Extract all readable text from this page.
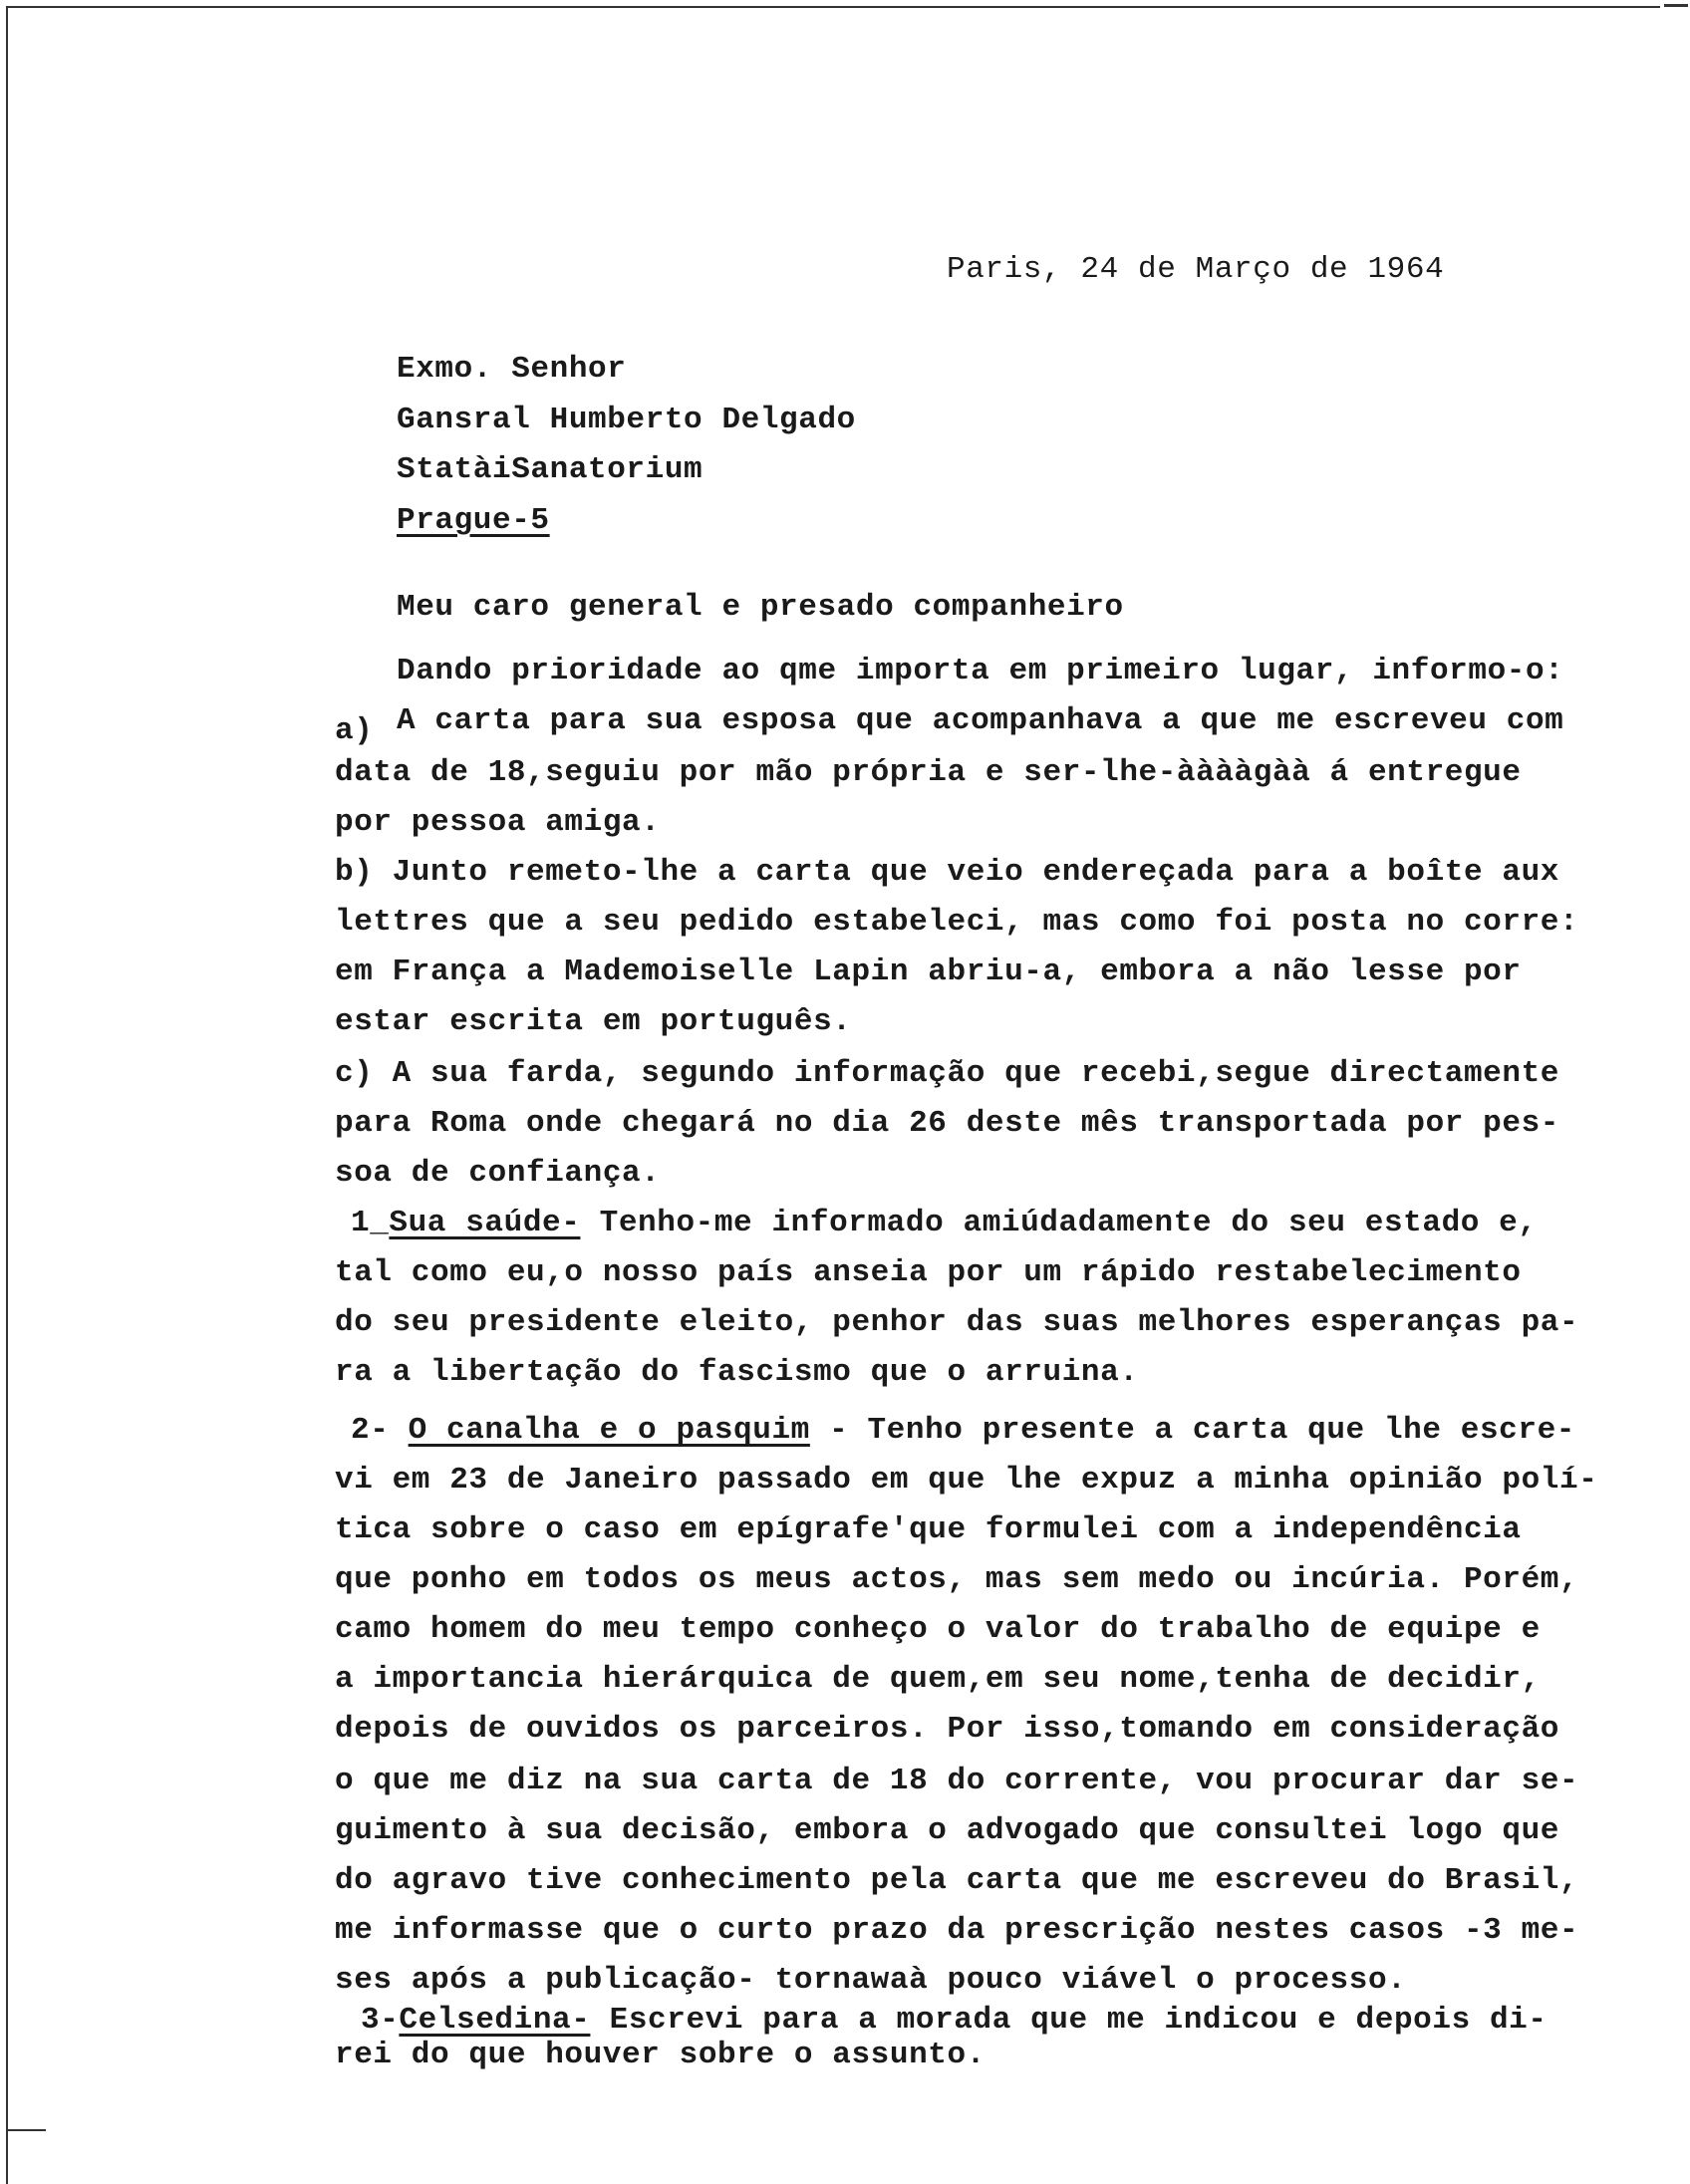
Paris, 24 de Março de 1964
Exmo. Senhor
Gansral Humberto Delgado
StatàiSanatorium
Prague-5
Meu caro general e presado companheiro
Dando prioridade ao qme importa em primeiro lugar, informo-o:
a) A carta para sua esposa que acompanhava a que me escreveu com
data de 18,seguiu por mão própria e ser-lhe-ààààgàà á entregue
por pessoa amiga.
b) Junto remeto-lhe a carta que veio endereçada para a boîte aux
lettres que a seu pedido estabeleci, mas como foi posta no corre:
em França a Mademoiselle Lapin abriu-a, embora a não lesse por
estar escrita em português.
c) A sua farda, segundo informação que recebi,segue directamente
para Roma onde chegará no dia 26 deste mês transportada por pes-
soa de confiança.
1_Sua saúde- Tenho-me informado amiúdadamente do seu estado e,
tal como eu,o nosso país anseia por um rápido restabelecimento
do seu presidente eleito, penhor das suas melhores esperanças pa-
ra a libertação do fascismo que o arruina.
2- O canalha e o pasquim - Tenho presente a carta que lhe escre-
vi em 23 de Janeiro passado em que lhe expuz a minha opinião polí-
tica sobre o caso em epígrafe'que formulei com a independência
que ponho em todos os meus actos, mas sem medo ou incúria. Porém,
camo homem do meu tempo conheço o valor do trabalho de equipe e
a importancia hierárquica de quem,em seu nome,tenha de decidir,
depois de ouvidos os parceiros. Por isso,tomando em consideração
o que me diz na sua carta de 18 do corrente, vou procurar dar se-
guimento à sua decisão, embora o advogado que consultei logo que
do agravo tive conhecimento pela carta que me escreveu do Brasil,
me informasse que o curto prazo da prescrição nestes casos -3 me-
ses após a publicação- tornawaà pouco viável o processo.
3-Celsedina- Escrevi para a morada que me indicou e depois di-
rei do que houver sobre o assunto.
